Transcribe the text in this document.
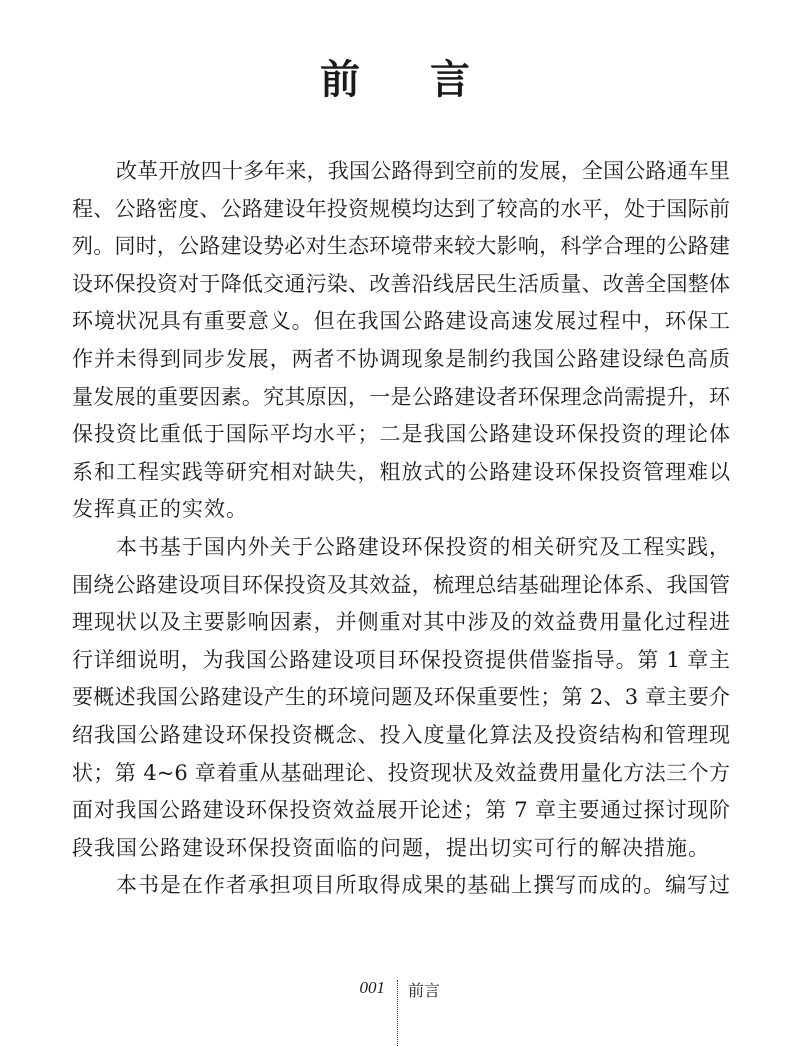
前言
改革开放四十多年来，我国公路得到空前的发展，全国公路通车里
程、公路密度、公路建设年投资规模均达到了较高的水平，处于国际前
列。同时，公路建设势必对生态环境带来较大影响，科学合理的公路建
设环保投资对于降低交通污染、改善沿线居民生活质量、改善全国整体
环境状况具有重要意义。但在我国公路建设高速发展过程中，环保工
作并未得到同步发展，两者不协调现象是制约我国公路建设绿色高质
量发展的重要因素。究其原因，一是公路建设者环保理念尚需提升，环
保投资比重低于国际平均水平；二是我国公路建设环保投资的理论体
系和工程实践等研究相对缺失，粗放式的公路建设环保投资管理难以
发挥真正的实效。
本书基于国内外关于公路建设环保投资的相关研究及工程实践，
围绕公路建设项目环保投资及其效益，梳理总结基础理论体系、我国管
理现状以及主要影响因素，并侧重对其中涉及的效益费用量化过程进
行详细说明，为我国公路建设项目环保投资提供借鉴指导。第 1 章主
要概述我国公路建设产生的环境问题及环保重要性；第 2、3 章主要介
绍我国公路建设环保投资概念、投入度量化算法及投资结构和管理现
状；第 4~6 章着重从基础理论、投资现状及效益费用量化方法三个方
面对我国公路建设环保投资效益展开论述；第 7 章主要通过探讨现阶
段我国公路建设环保投资面临的问题，提出切实可行的解决措施。
本书是在作者承担项目所取得成果的基础上撰写而成的。编写过
001 前言
